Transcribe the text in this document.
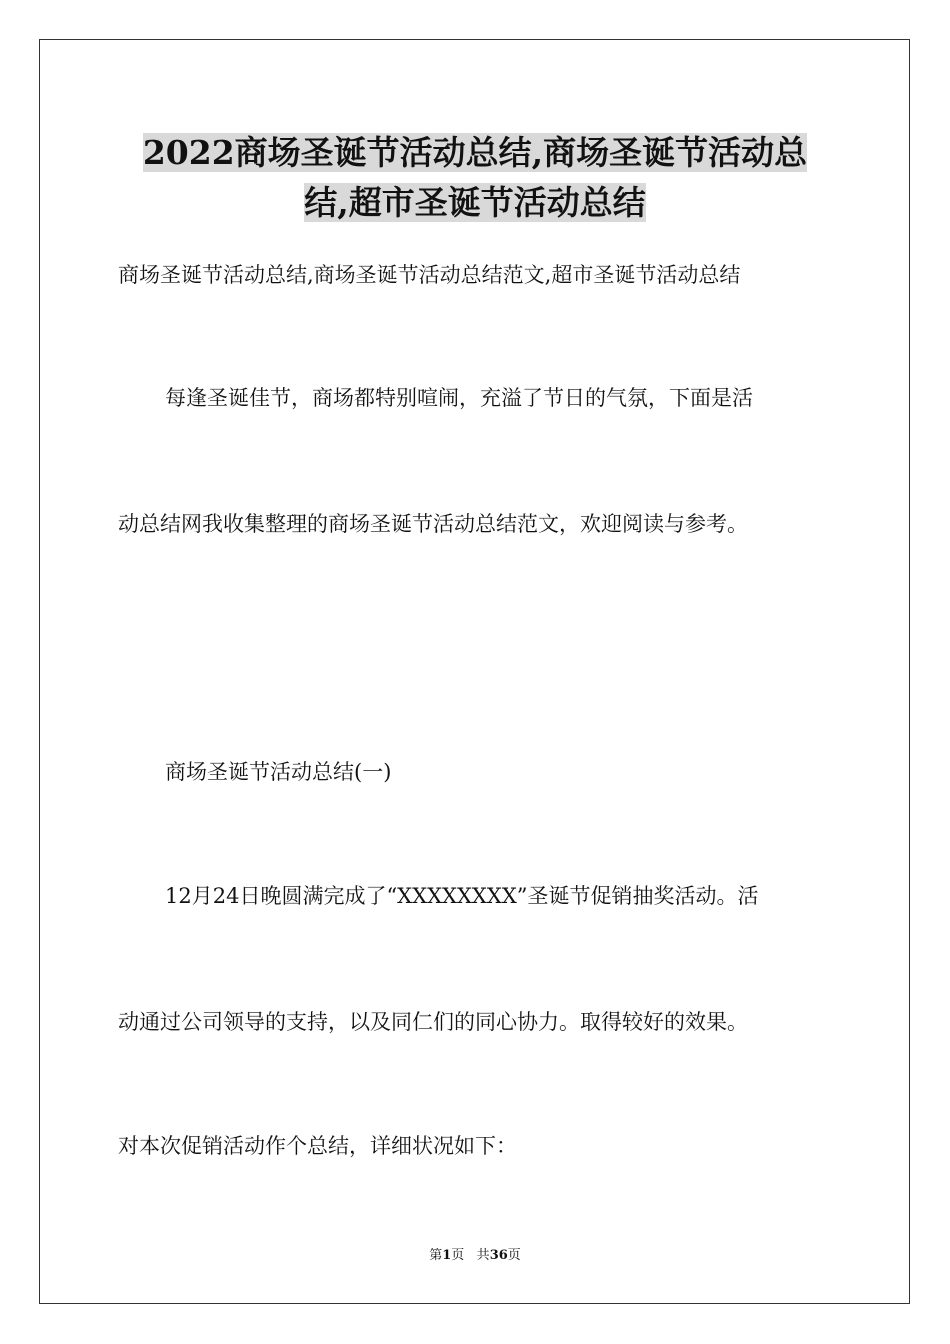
2022商场圣诞节活动总结,商场圣诞节活动总
结,超市圣诞节活动总结

商场圣诞节活动总结,商场圣诞节活动总结范文,超市圣诞节活动总结

每逢圣诞佳节，商场都特别喧闹，充溢了节日的气氛，下面是活

动总结网我收集整理的商场圣诞节活动总结范文，欢迎阅读与参考。

商场圣诞节活动总结(一)

12月24日晚圆满完成了“XXXXXXXX”圣诞节促销抽奖活动。活

动通过公司领导的支持，以及同仁们的同心协力。取得较好的效果。

对本次促销活动作个总结，详细状况如下：

第1页 共36页
